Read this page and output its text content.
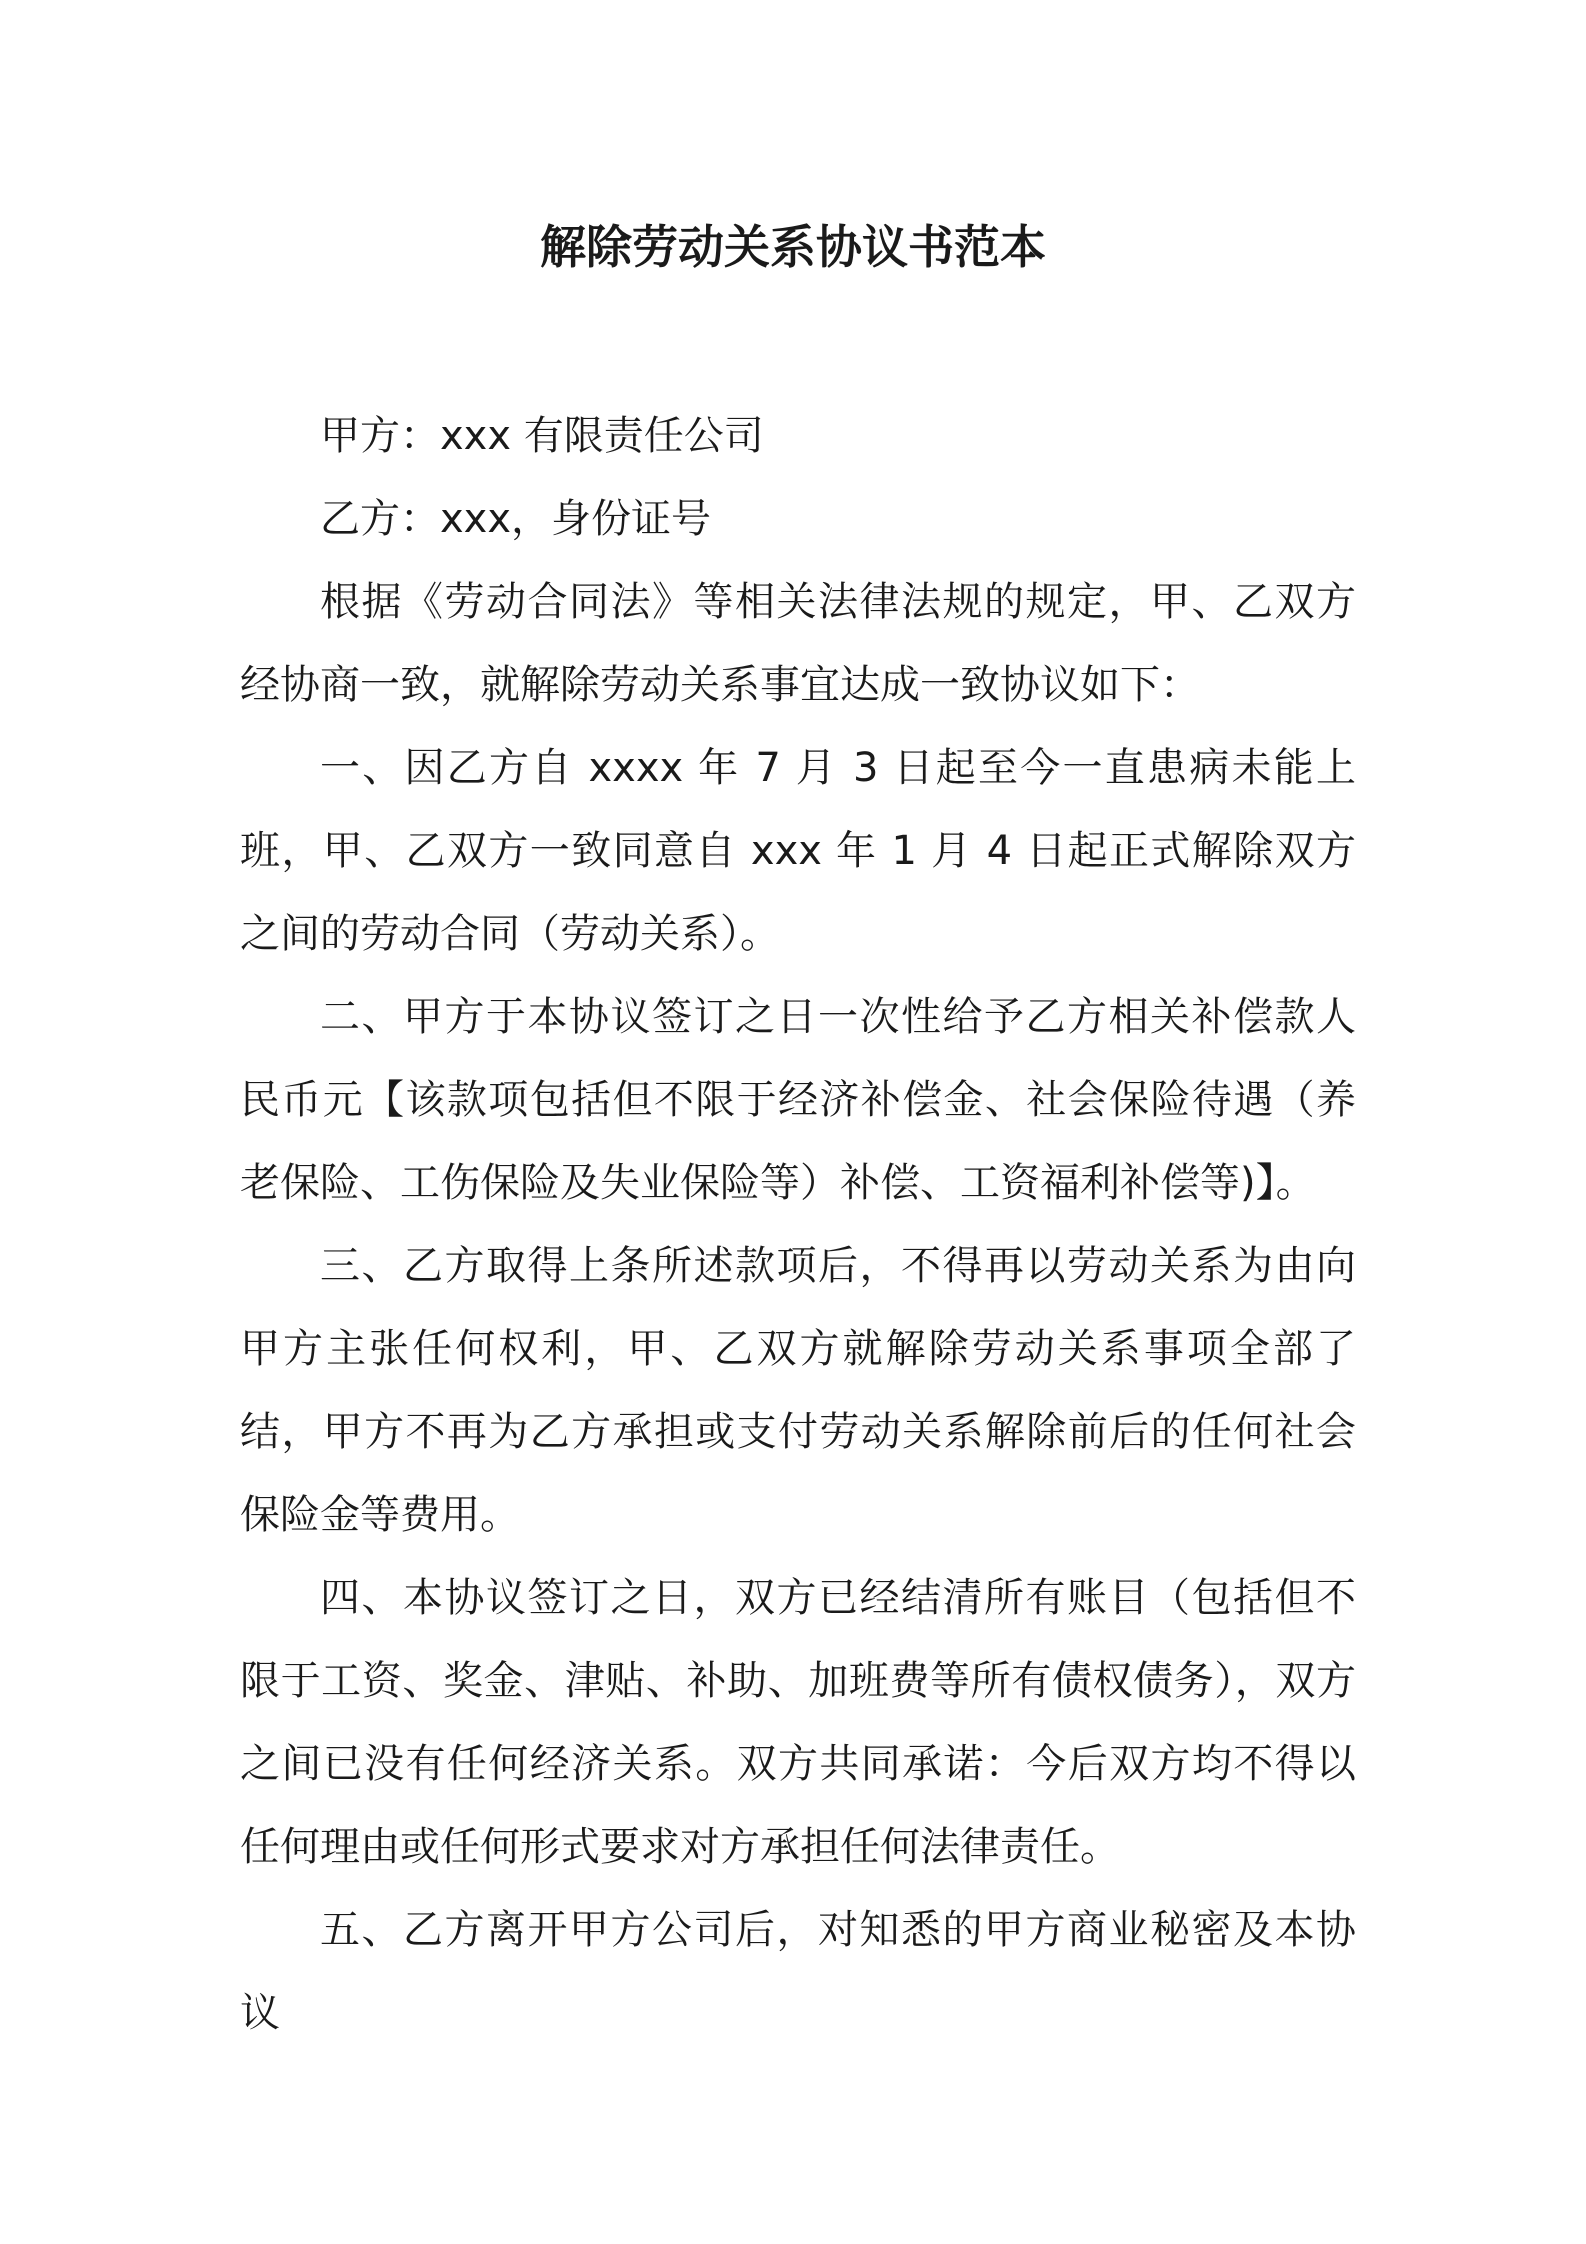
解除劳动关系协议书范本

甲方：xxx 有限责任公司

乙方：xxx，身份证号

根据《劳动合同法》等相关法律法规的规定，甲、乙双方经协商一致，就解除劳动关系事宜达成一致协议如下：

一、因乙方自 xxxx 年 7 月 3 日起至今一直患病未能上班，甲、乙双方一致同意自 xxx 年 1 月 4 日起正式解除双方之间的劳动合同（劳动关系）。

二、甲方于本协议签订之日一次性给予乙方相关补偿款人民币元【该款项包括但不限于经济补偿金、社会保险待遇（养老保险、工伤保险及失业保险等）补偿、工资福利补偿等)】。

三、乙方取得上条所述款项后，不得再以劳动关系为由向甲方主张任何权利，甲、乙双方就解除劳动关系事项全部了结，甲方不再为乙方承担或支付劳动关系解除前后的任何社会保险金等费用。

四、本协议签订之日，双方已经结清所有账目（包括但不限于工资、奖金、津贴、补助、加班费等所有债权债务），双方之间已没有任何经济关系。双方共同承诺：今后双方均不得以任何理由或任何形式要求对方承担任何法律责任。

五、乙方离开甲方公司后，对知悉的甲方商业秘密及本协议
